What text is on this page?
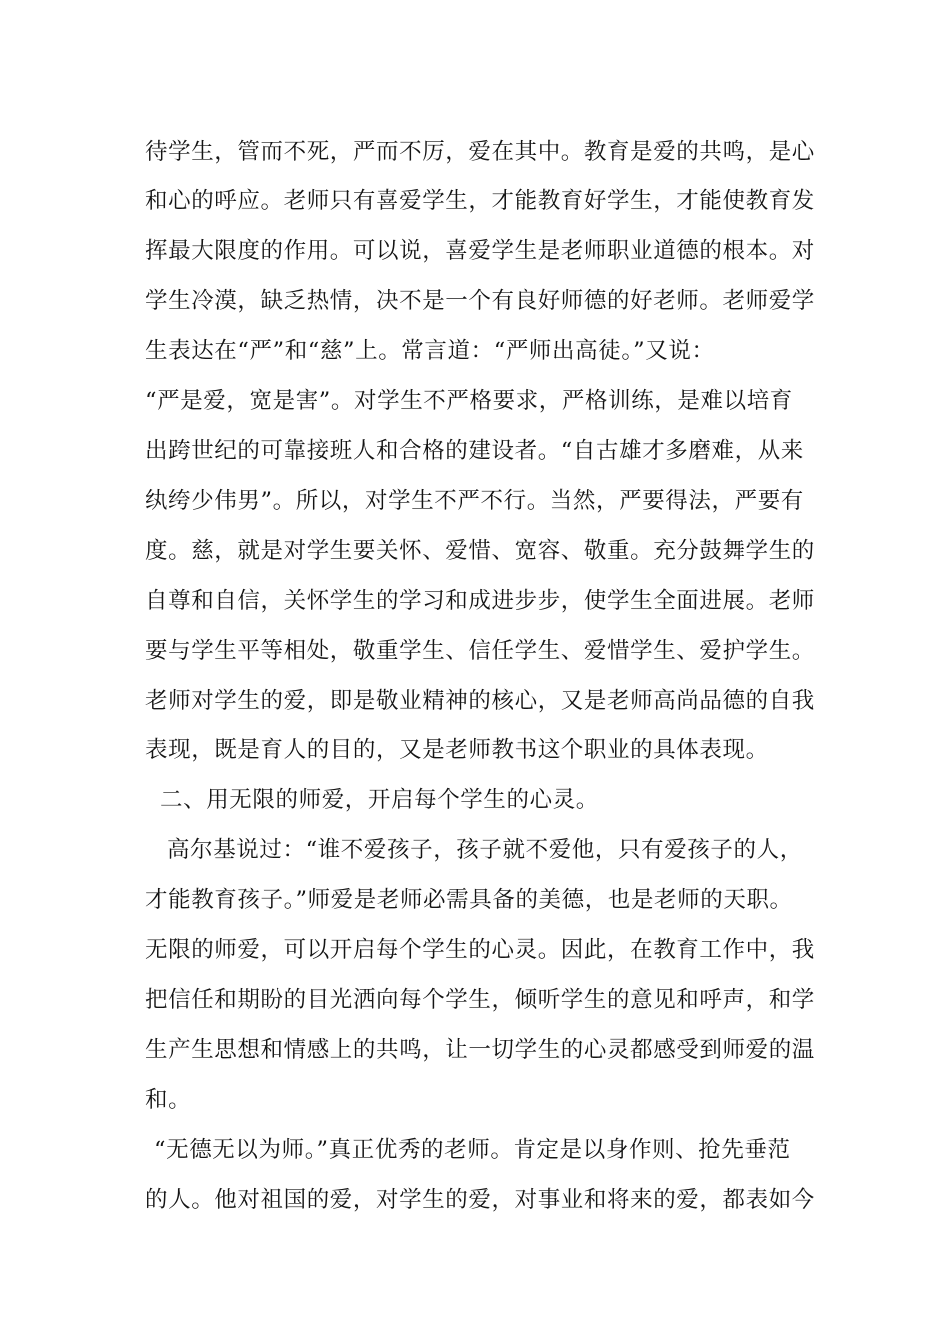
待学生，管而不死，严而不厉，爱在其中。教育是爱的共鸣，是心
和心的呼应。老师只有喜爱学生，才能教育好学生，才能使教育发
挥最大限度的作用。可以说，喜爱学生是老师职业道德的根本。对
学生冷漠，缺乏热情，决不是一个有良好师德的好老师。老师爱学
生表达在“严”和“慈”上。常言道：“严师出高徒。”又说：
“严是爱，宽是害”。对学生不严格要求，严格训练，是难以培育
出跨世纪的可靠接班人和合格的建设者。“自古雄才多磨难，从来
纨绔少伟男”。所以，对学生不严不行。当然，严要得法，严要有
度。慈，就是对学生要关怀、爱惜、宽容、敬重。充分鼓舞学生的
自尊和自信，关怀学生的学习和成进步步，使学生全面进展。老师
要与学生平等相处，敬重学生、信任学生、爱惜学生、爱护学生。
老师对学生的爱，即是敬业精神的核心，又是老师高尚品德的自我
表现，既是育人的目的，又是老师教书这个职业的具体表现。
二、用无限的师爱，开启每个学生的心灵。
高尔基说过：“谁不爱孩子，孩子就不爱他，只有爱孩子的人，
才能教育孩子。”师爱是老师必需具备的美德，也是老师的天职。
无限的师爱，可以开启每个学生的心灵。因此，在教育工作中，我
把信任和期盼的目光洒向每个学生，倾听学生的意见和呼声，和学
生产生思想和情感上的共鸣，让一切学生的心灵都感受到师爱的温
和。
“无德无以为师。”真正优秀的老师。肯定是以身作则、抢先垂范
的人。他对祖国的爱，对学生的爱，对事业和将来的爱，都表如今
